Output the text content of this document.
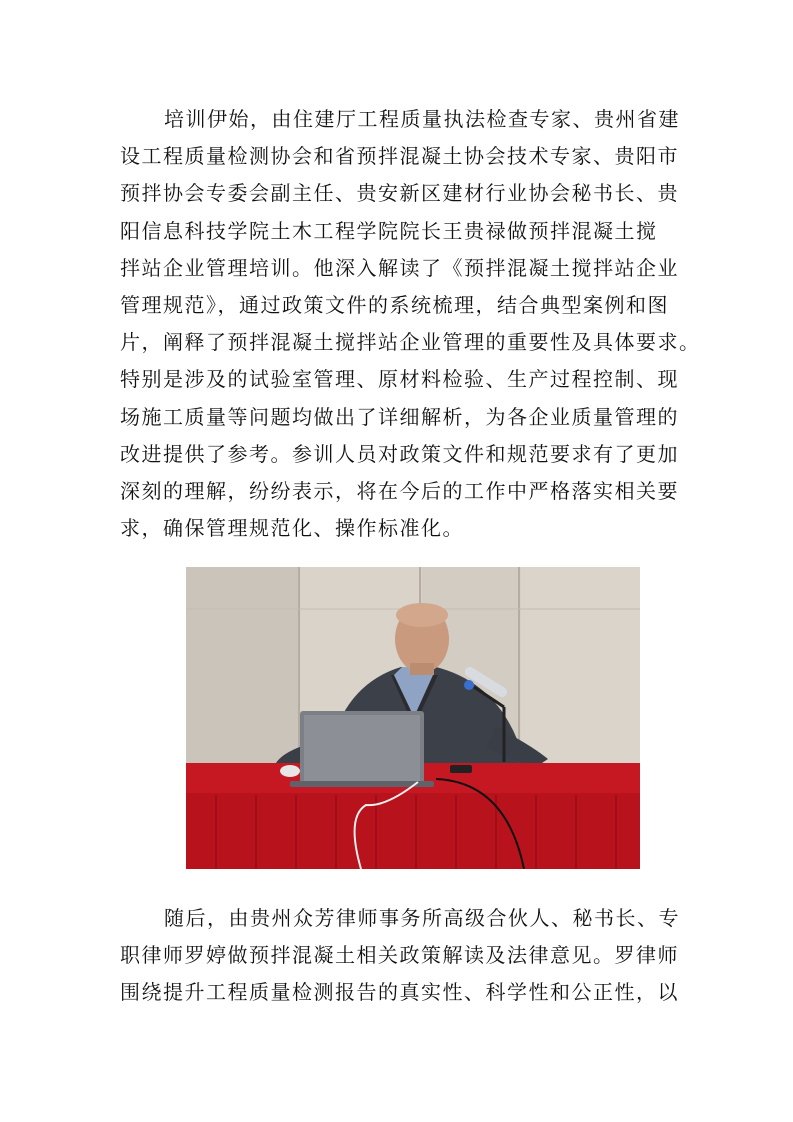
培训伊始，由住建厅工程质量执法检查专家、贵州省建

设工程质量检测协会和省预拌混凝土协会技术专家、贵阳市

预拌协会专委会副主任、贵安新区建材行业协会秘书长、贵

阳信息科技学院土木工程学院院长王贵禄做预拌混凝土搅

拌站企业管理培训。他深入解读了《预拌混凝土搅拌站企业

管理规范》，通过政策文件的系统梳理，结合典型案例和图

片，阐释了预拌混凝土搅拌站企业管理的重要性及具体要求。

特别是涉及的试验室管理、原材料检验、生产过程控制、现

场施工质量等问题均做出了详细解析，为各企业质量管理的

改进提供了参考。参训人员对政策文件和规范要求有了更加

深刻的理解，纷纷表示，将在今后的工作中严格落实相关要

求，确保管理规范化、操作标准化。

随后，由贵州众芳律师事务所高级合伙人、秘书长、专

职律师罗婷做预拌混凝土相关政策解读及法律意见。罗律师

围绕提升工程质量检测报告的真实性、科学性和公正性，以
